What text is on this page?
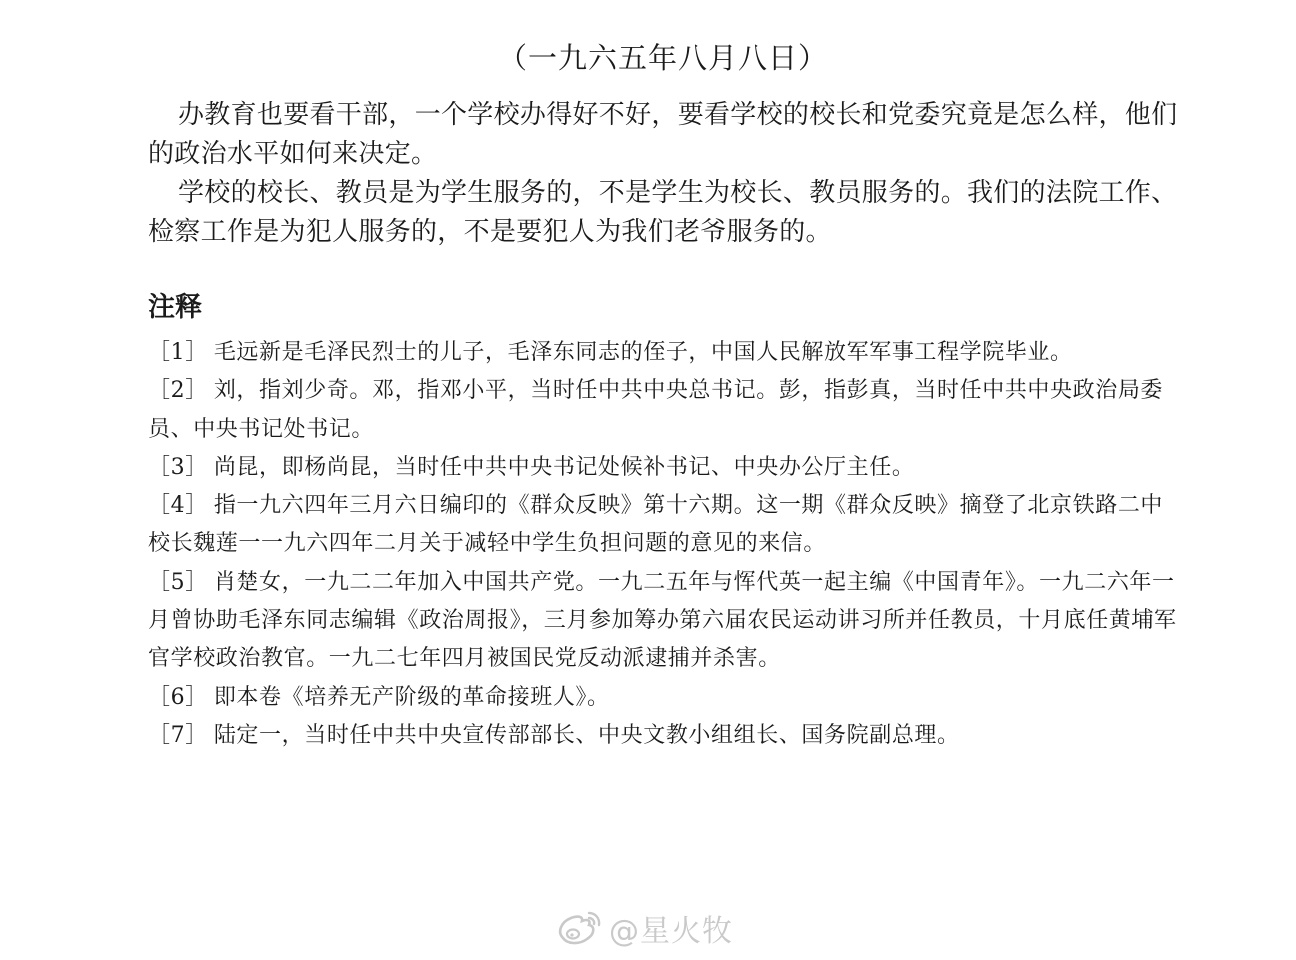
（一九六五年八月八日）

办教育也要看干部，一个学校办得好不好，要看学校的校长和党委究竟是怎么样，他们的政治水平如何来决定。

学校的校长、教员是为学生服务的，不是学生为校长、教员服务的。我们的法院工作、检察工作是为犯人服务的，不是要犯人为我们老爷服务的。

注释

［1］ 毛远新是毛泽民烈士的儿子，毛泽东同志的侄子，中国人民解放军军事工程学院毕业。

［2］ 刘，指刘少奇。邓，指邓小平，当时任中共中央总书记。彭，指彭真，当时任中共中央政治局委员、中央书记处书记。

［3］ 尚昆，即杨尚昆，当时任中共中央书记处候补书记、中央办公厅主任。

［4］ 指一九六四年三月六日编印的《群众反映》第十六期。这一期《群众反映》摘登了北京铁路二中校长魏莲一一九六四年二月关于减轻中学生负担问题的意见的来信。

［5］ 肖楚女，一九二二年加入中国共产党。一九二五年与恽代英一起主编《中国青年》。一九二六年一月曾协助毛泽东同志编辑《政治周报》，三月参加筹办第六届农民运动讲习所并任教员，十月底任黄埔军官学校政治教官。一九二七年四月被国民党反动派逮捕并杀害。

［6］ 即本卷《培养无产阶级的革命接班人》。

［7］ 陆定一，当时任中共中央宣传部部长、中央文教小组组长、国务院副总理。

@星火牧
